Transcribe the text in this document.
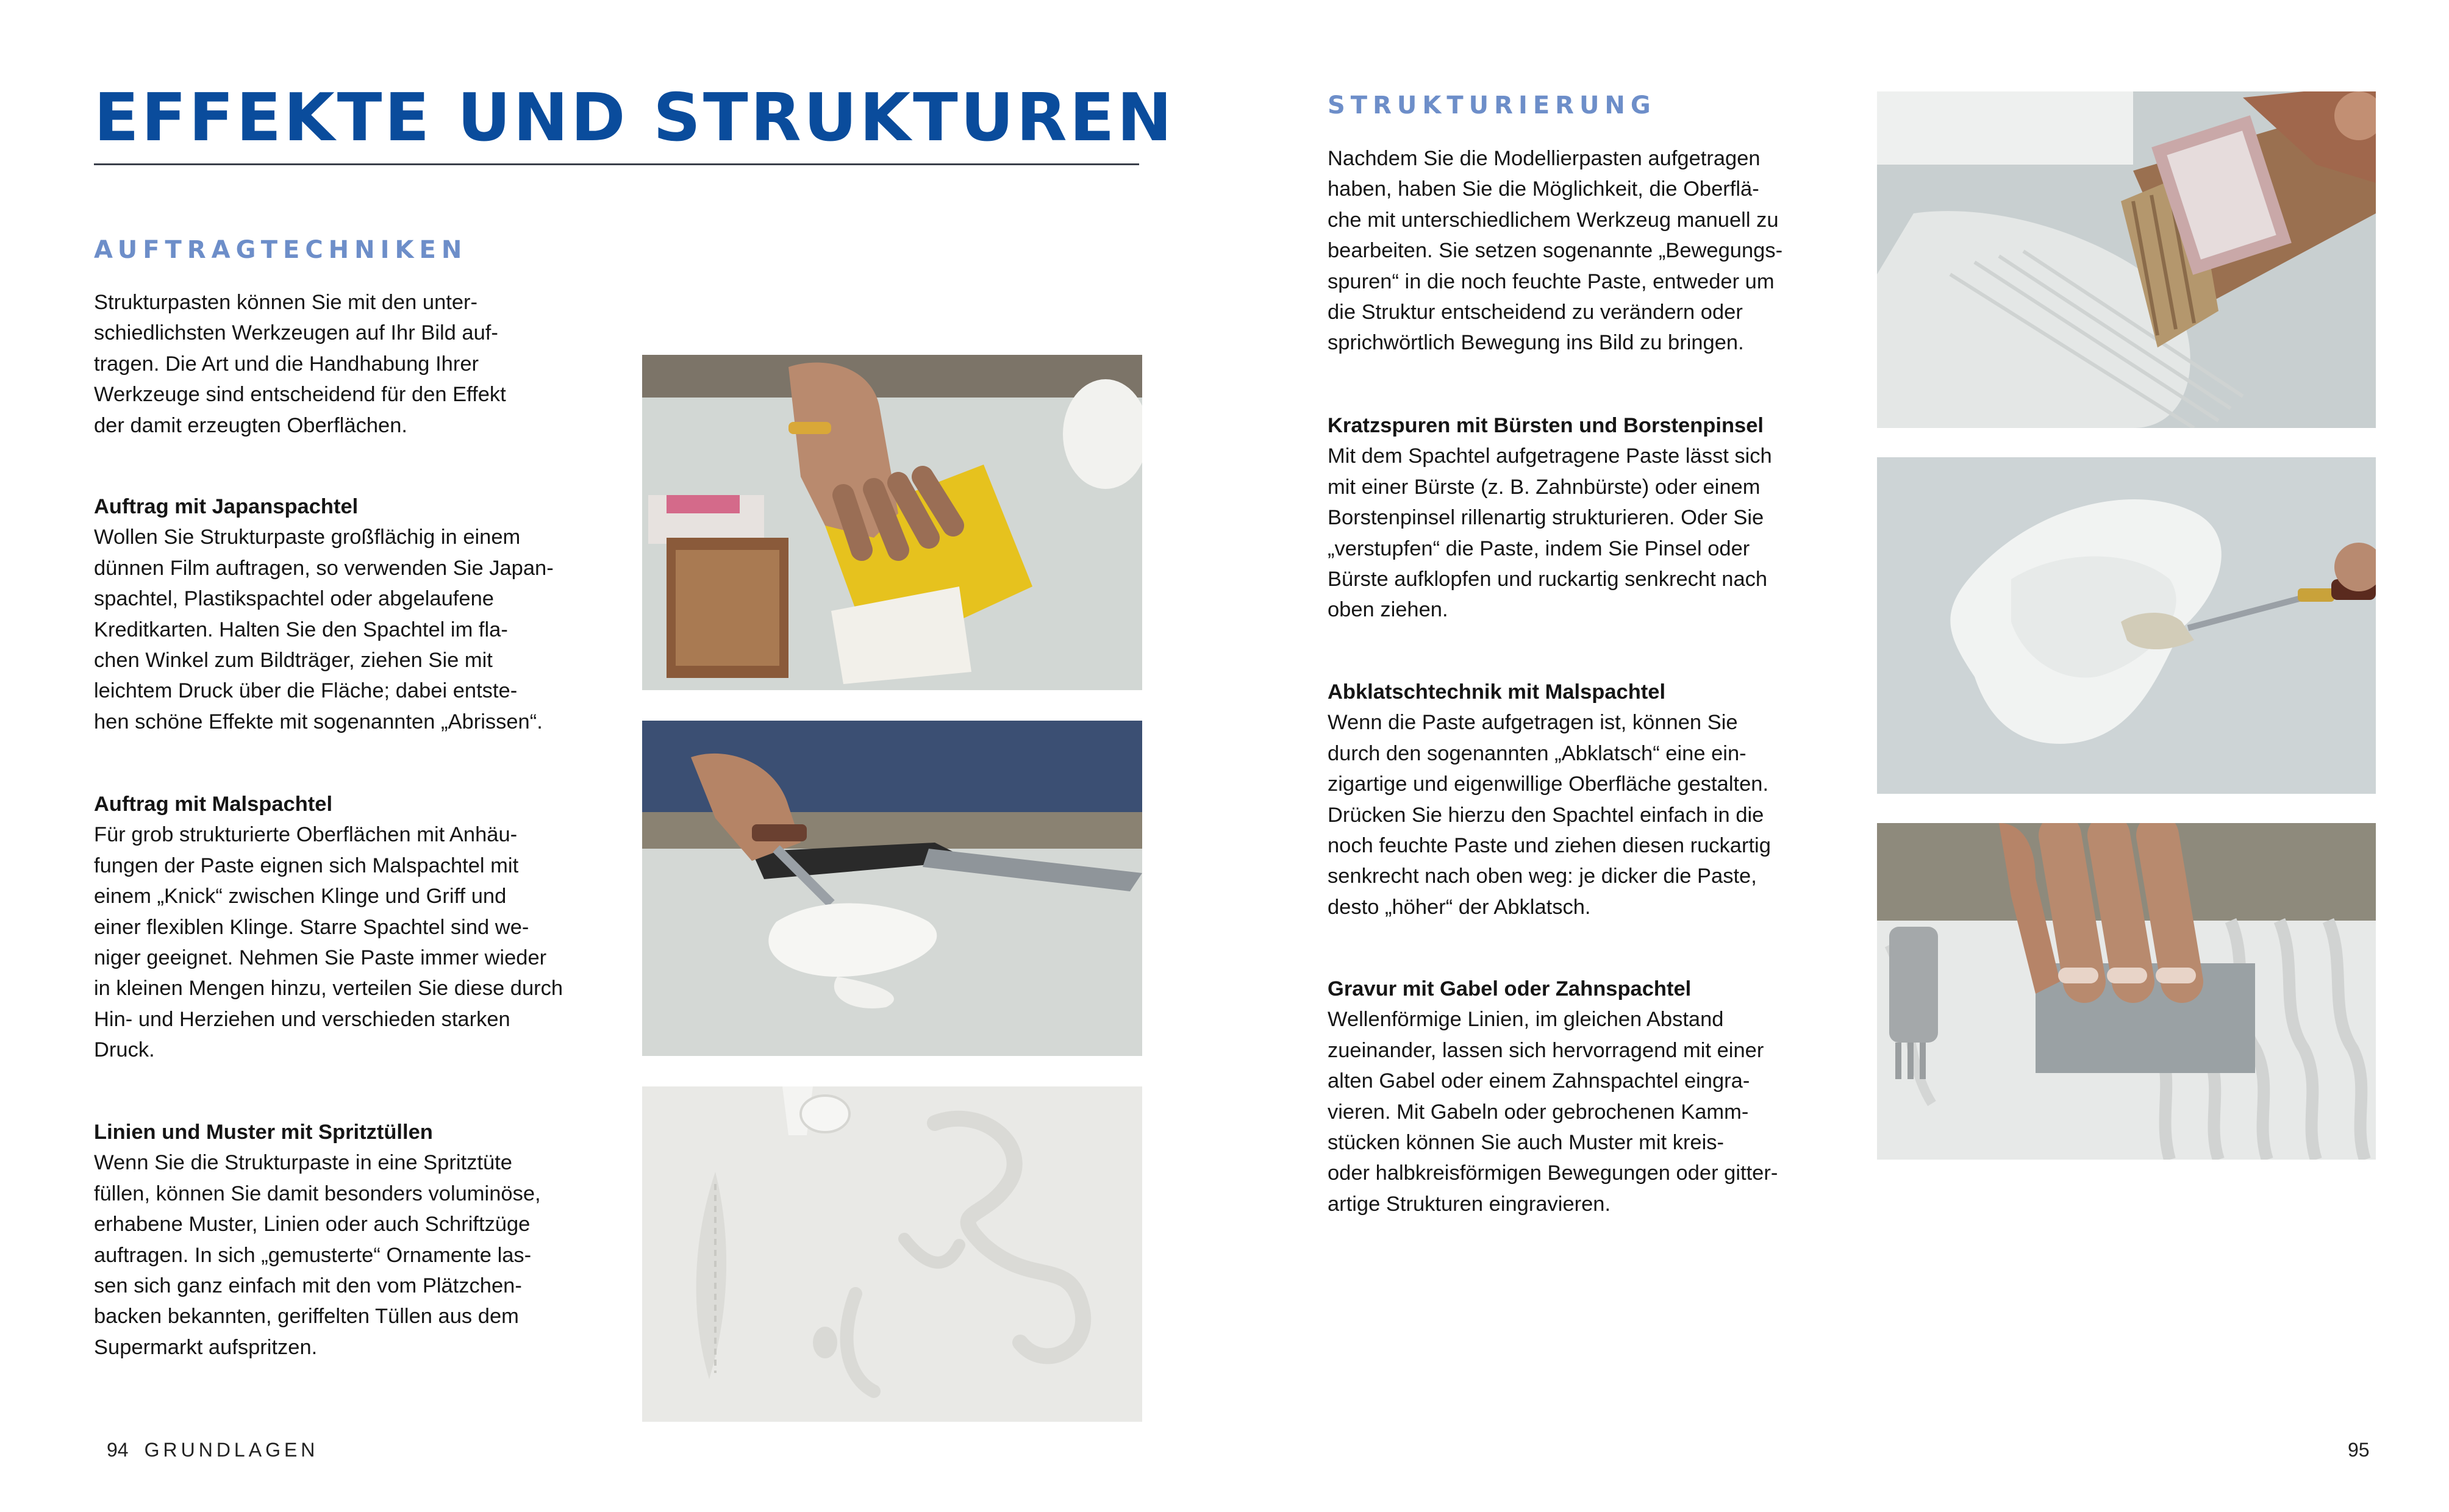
EFFEKTE UND STRUKTUREN
AUFTRAGTECHNIKEN

Strukturpasten können Sie mit den unter-

schiedlichsten Werkzeugen auf Ihr Bild auf-

tragen. Die Art und die Handhabung Ihrer

Werkzeuge sind entscheidend für den Effekt

der damit erzeugten Oberflächen.

Auftrag mit Japanspachtel

Wollen Sie Strukturpaste großflächig in einem

dünnen Film auftragen, so verwenden Sie Japan-

spachtel, Plastikspachtel oder abgelaufene

Kreditkarten. Halten Sie den Spachtel im fla-

chen Winkel zum Bildträger, ziehen Sie mit

leichtem Druck über die Fläche; dabei entste-

hen schöne Effekte mit sogenannten „Abrissen“.

Auftrag mit Malspachtel

Für grob strukturierte Oberflächen mit Anhäu-

fungen der Paste eignen sich Malspachtel mit

einem „Knick“ zwischen Klinge und Griff und

einer flexiblen Klinge. Starre Spachtel sind we-

niger geeignet. Nehmen Sie Paste immer wieder

in kleinen Mengen hinzu, verteilen Sie diese durch

Hin- und Herziehen und verschieden starken

Druck.

Linien und Muster mit Spritztüllen

Wenn Sie die Strukturpaste in eine Spritztüte

füllen, können Sie damit besonders voluminöse,

erhabene Muster, Linien oder auch Schriftzüge

auftragen. In sich „gemusterte“ Ornamente las-

sen sich ganz einfach mit den vom Plätzchen-

backen bekannten, geriffelten Tüllen aus dem

Supermarkt aufspritzen.

94 GRUNDLAGEN
STRUKTURIERUNG

Nachdem Sie die Modellierpasten aufgetragen

haben, haben Sie die Möglichkeit, die Oberflä-

che mit unterschiedlichem Werkzeug manuell zu

bearbeiten. Sie setzen sogenannte „Bewegungs-

spuren“ in die noch feuchte Paste, entweder um

die Struktur entscheidend zu verändern oder

sprichwörtlich Bewegung ins Bild zu bringen.

Kratzspuren mit Bürsten und Borstenpinsel

Mit dem Spachtel aufgetragene Paste lässt sich

mit einer Bürste (z. B. Zahnbürste) oder einem

Borstenpinsel rillenartig strukturieren. Oder Sie

„verstupfen“ die Paste, indem Sie Pinsel oder

Bürste aufklopfen und ruckartig senkrecht nach

oben ziehen.

Abklatschtechnik mit Malspachtel

Wenn die Paste aufgetragen ist, können Sie

durch den sogenannten „Abklatsch“ eine ein-

zigartige und eigenwillige Oberfläche gestalten.

Drücken Sie hierzu den Spachtel einfach in die

noch feuchte Paste und ziehen diesen ruckartig

senkrecht nach oben weg: je dicker die Paste,

desto „höher“ der Abklatsch.

Gravur mit Gabel oder Zahnspachtel

Wellenförmige Linien, im gleichen Abstand

zueinander, lassen sich hervorragend mit einer

alten Gabel oder einem Zahnspachtel eingra-

vieren. Mit Gabeln oder gebrochenen Kamm-

stücken können Sie auch Muster mit kreis-

oder halbkreisförmigen Bewegungen oder gitter-

artige Strukturen eingravieren.

95
